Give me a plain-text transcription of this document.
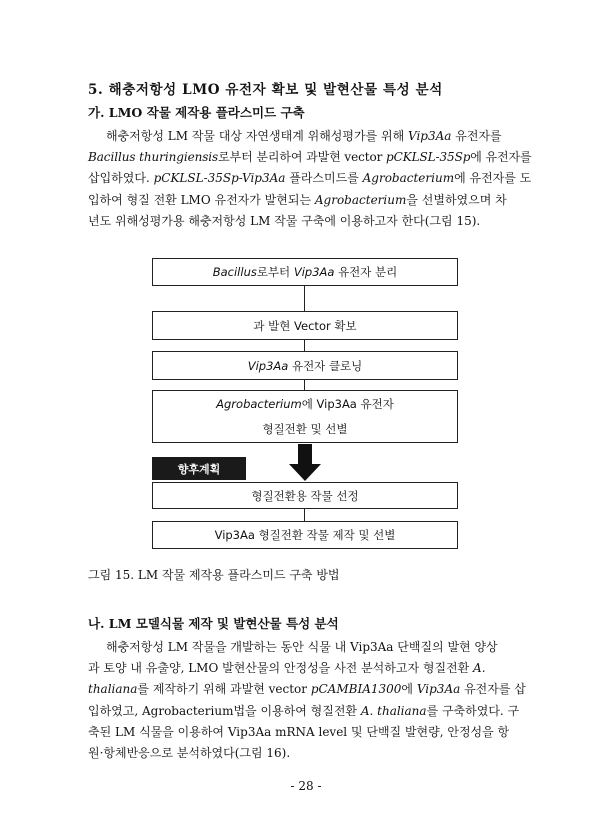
5. 해충저항성 LMO 유전자 확보 및 발현산물 특성 분석
가. LMO 작물 제작용 플라스미드 구축

해충저항성 LM 작물 대상 자연생태계 위해성평가를 위해 Vip3Aa 유전자를
Bacillus thuringiensis로부터 분리하여 과발현 vector pCKLSL-35Sp에 유전자를
삽입하였다. pCKLSL-35Sp-Vip3Aa 플라스미드를 Agrobacterium에 유전자를 도
입하여 형질 전환 LMO 유전자가 발현되는 Agrobacterium을 선별하였으며 차
년도 위해성평가용 해충저항성 LM 작물 구축에 이용하고자 한다(그림 15).

Bacillus로부터 Vip3Aa 유전자 분리
과 발현 Vector 확보
Vip3Aa 유전자 클로닝
Agrobacterium에 Vip3Aa 유전자
형질전환 및 선별
향후계획
형질전환용 작물 선정
Vip3Aa 형질전환 작물 제작 및 선별
그림 15. LM 작물 제작용 플라스미드 구축 방법
나. LM 모델식물 제작 및 발현산물 특성 분석

해충저항성 LM 작물을 개발하는 동안 식물 내 Vip3Aa 단백질의 발현 양상
과 토양 내 유출양, LMO 발현산물의 안정성을 사전 분석하고자 형질전환 A.
thaliana를 제작하기 위해 과발현 vector pCAMBIA1300에 Vip3Aa 유전자를 삽
입하였고, Agrobacterium법을 이용하여 형질전환 A. thaliana를 구축하였다. 구
축된 LM 식물을 이용하여 Vip3Aa mRNA level 및 단백질 발현량, 안정성을 항
원·항체반응으로 분석하였다(그림 16).

- 28 -
